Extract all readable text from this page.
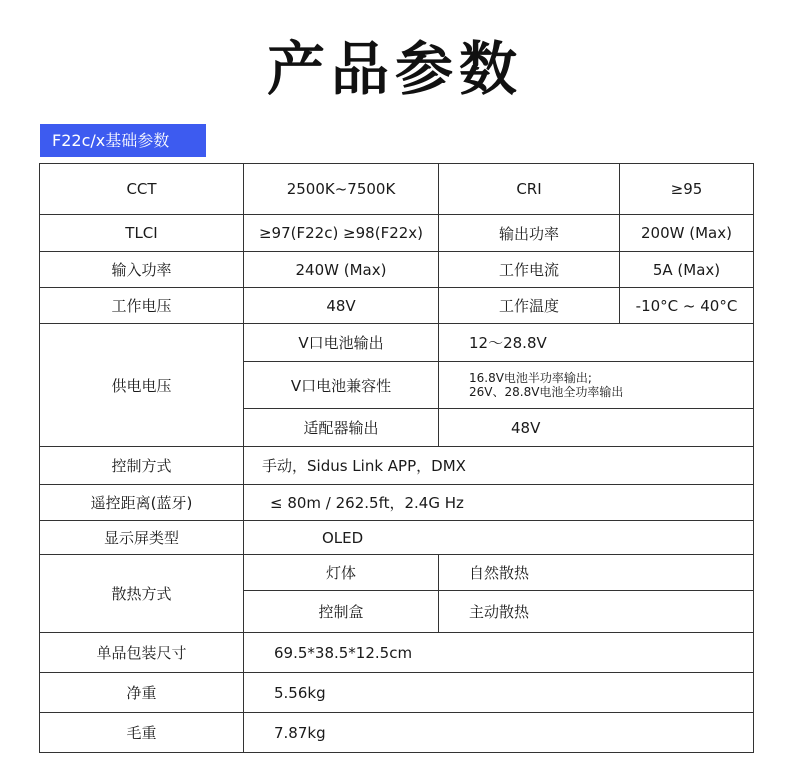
产品参数
F22c/x基础参数
CCT	2500K~7500K	CRI	≥95
TLCI	≥97(F22c) ≥98(F22x)	输出功率	200W (Max)
输入功率	240W (Max)	工作电流	5A (Max)
工作电压	48V	工作温度	-10°C ~ 40°C
供电电压	V口电池输出	12～28.8V	
	V口电池兼容性	16.8V电池半功率输出;
26V、28.8V电池全功率输出	

	适配器输出	48V	
控制方式	手动，Sidus Link APP，DMX		
遥控距离(蓝牙)	≤ 80m / 262.5ft，2.4G Hz		
显示屏类型	OLED		
散热方式	灯体	自然散热	
	控制盒	主动散热	
单品包装尺寸	69.5*38.5*12.5cm		
净重	5.56kg		
毛重	7.87kg		
